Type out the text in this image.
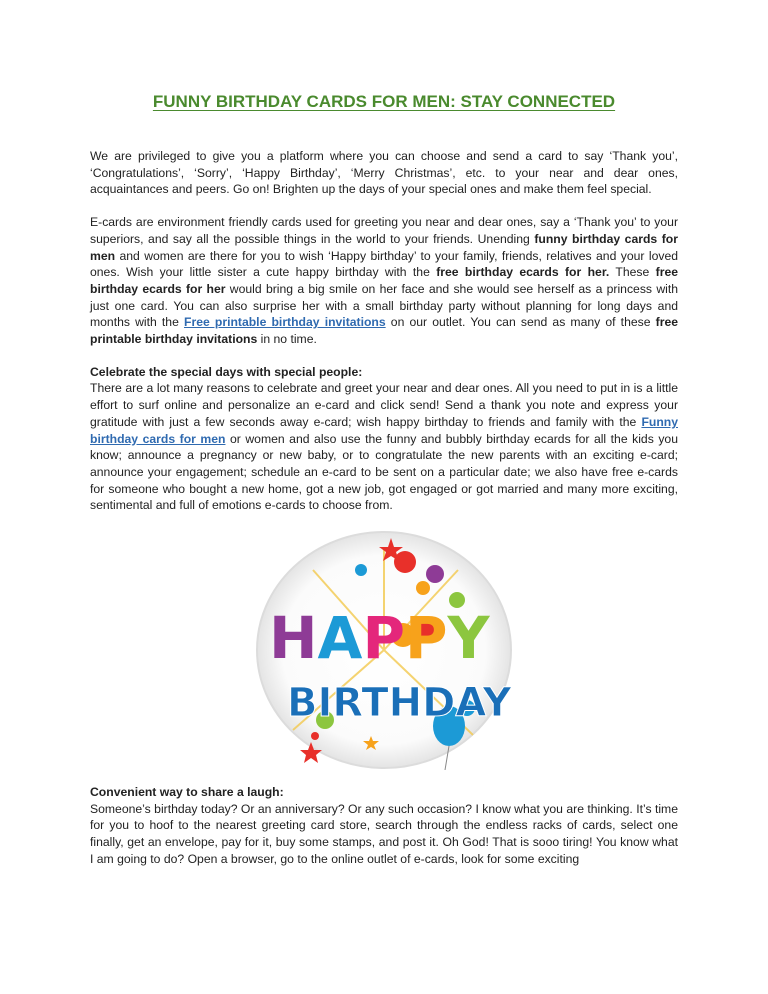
FUNNY BIRTHDAY CARDS FOR MEN: STAY CONNECTED

We are privileged to give you a platform where you can choose and send a card to say ‘Thank you’, ‘Congratulations’, ‘Sorry’, ‘Happy Birthday’, ‘Merry Christmas’, etc. to your near and dear ones, acquaintances and peers. Go on! Brighten up the days of your special ones and make them feel special.

E-cards are environment friendly cards used for greeting you near and dear ones, say a ‘Thank you’ to your superiors, and say all the possible things in the world to your friends. Unending funny birthday cards for men and women are there for you to wish ‘Happy birthday’ to your family, friends, relatives and your loved ones. Wish your little sister a cute happy birthday with the free birthday ecards for her. These free birthday ecards for her would bring a big smile on her face and she would see herself as a princess with just one card. You can also surprise her with a small birthday party without planning for long days and months with the Free printable birthday invitations on our outlet. You can send as many of these free printable birthday invitations in no time.

Celebrate the special days with special people:
There are a lot many reasons to celebrate and greet your near and dear ones. All you need to put in is a little effort to surf online and personalize an e-card and click send! Send a thank you note and express your gratitude with just a few seconds away e-card; wish happy birthday to friends and family with the Funny birthday cards for men or women and also use the funny and bubbly birthday ecards for all the kids you know; announce a pregnancy or new baby, or to congratulate the new parents with an exciting e-card; announce your engagement; schedule an e-card to be sent on a particular date; we also have free e-cards for someone who bought a new home, got a new job, got engaged or got married and many more exciting, sentimental and full of emotions e-cards to choose from.

HAPPY
BIRTHDAY

Convenient way to share a laugh:
Someone’s birthday today? Or an anniversary? Or any such occasion? I know what you are thinking. It’s time for you to hoof to the nearest greeting card store, search through the endless racks of cards, select one finally, get an envelope, pay for it, buy some stamps, and post it. Oh God! That is sooo tiring! You know what I am going to do? Open a browser, go to the online outlet of e-cards, look for some exciting
